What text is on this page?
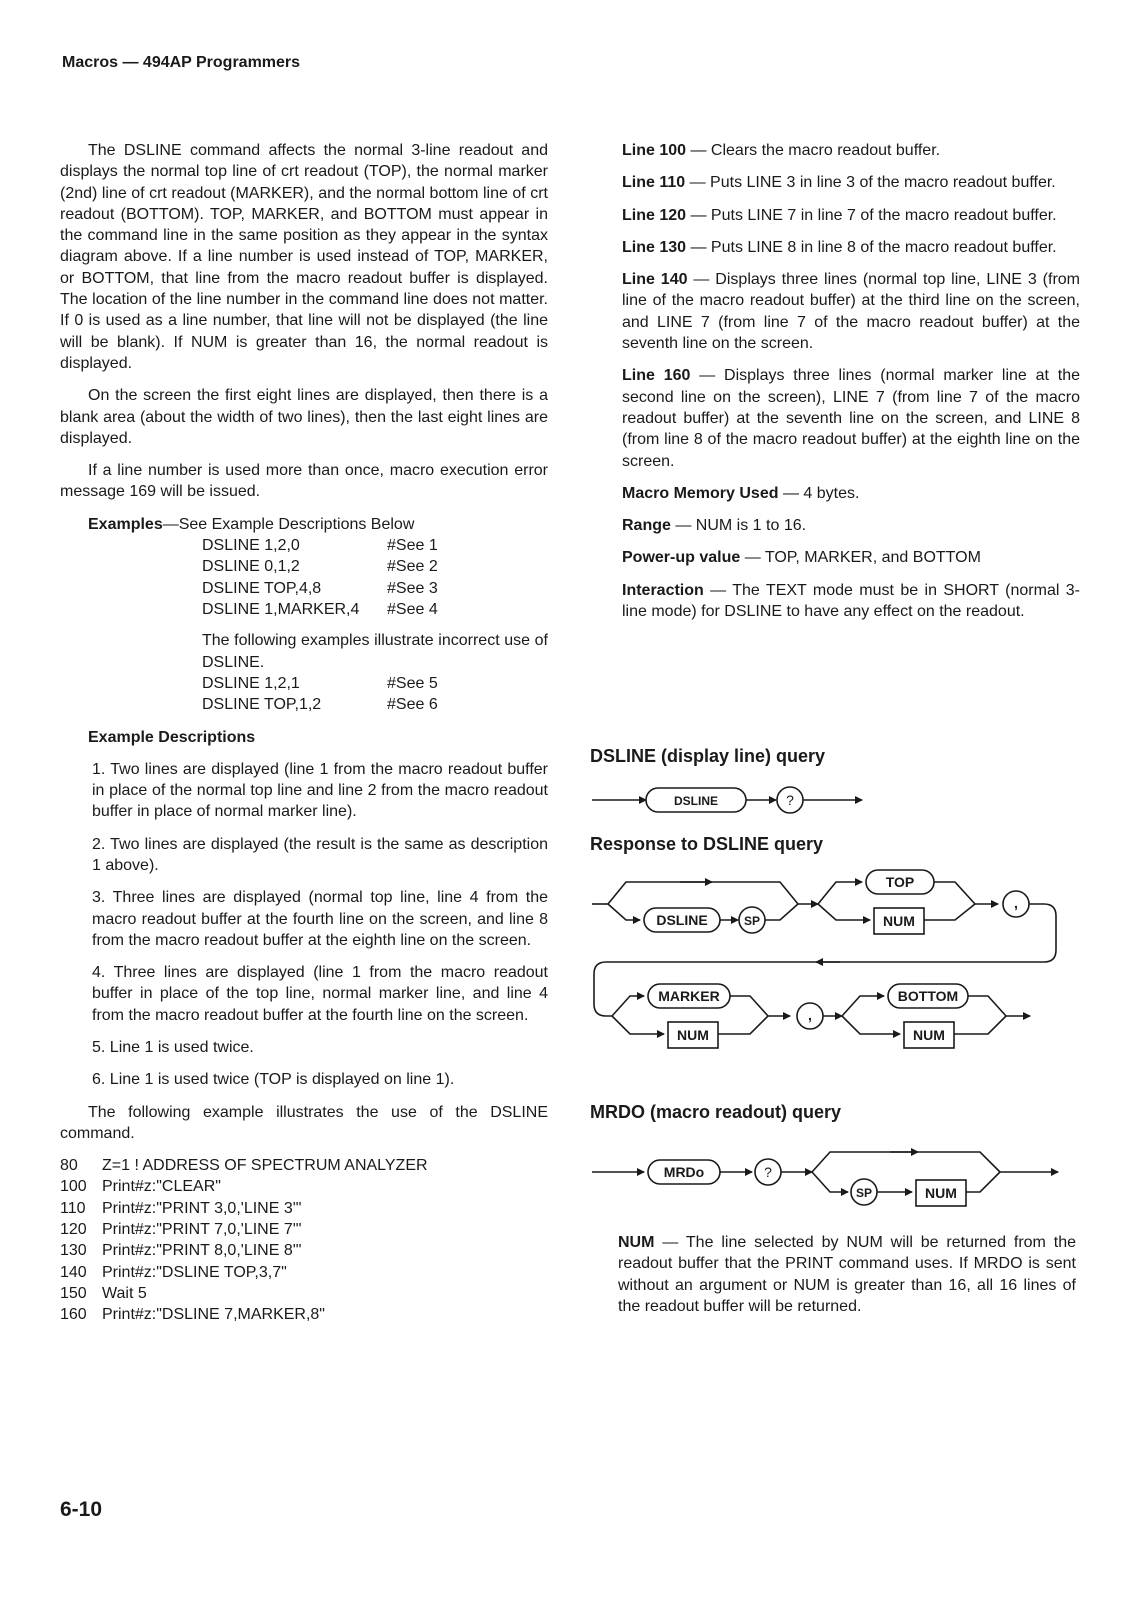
Macros — 494AP Programmers

The DSLINE command affects the normal 3-line readout and displays the normal top line of crt readout (TOP), the normal marker (2nd) line of crt readout (MARKER), and the normal bottom line of crt readout (BOTTOM). TOP, MARKER, and BOTTOM must appear in the command line in the same position as they appear in the syntax diagram above. If a line number is used instead of TOP, MARKER, or BOTTOM, that line from the macro readout buffer is displayed. The location of the line number in the command line does not matter. If 0 is used as a line number, that line will not be displayed (the line will be blank). If NUM is greater than 16, the normal readout is displayed.

On the screen the first eight lines are displayed, then there is a blank area (about the width of two lines), then the last eight lines are displayed.

If a line number is used more than once, macro execution error message 169 will be issued.

Examples—See Example Descriptions Below
DSLINE 1,2,0	#See 1
DSLINE 0,1,2	#See 2
DSLINE TOP,4,8	#See 3
DSLINE 1,MARKER,4	#See 4
The following examples illustrate incorrect use of DSLINE.
DSLINE 1,2,1	#See 5
DSLINE TOP,1,2	#See 6
Example Descriptions

1. Two lines are displayed (line 1 from the macro readout buffer in place of the normal top line and line 2 from the macro readout buffer in place of normal marker line).

2. Two lines are displayed (the result is the same as description 1 above).

3. Three lines are displayed (normal top line, line 4 from the macro readout buffer at the fourth line on the screen, and line 8 from the macro readout buffer at the eighth line on the screen.

4. Three lines are displayed (line 1 from the macro readout buffer in place of the top line, normal marker line, and line 4 from the macro readout buffer at the fourth line on the screen.

5. Line 1 is used twice.

6. Line 1 is used twice (TOP is displayed on line 1).

The following example illustrates the use of the DSLINE command.

80	Z=1 ! ADDRESS OF SPECTRUM ANALYZER
100 Print#z:"CLEAR"
110	Print#z:"PRINT 3,0,'LINE 3'"
120 Print#z:"PRINT 7,0,'LINE 7'"
130 Print#z:"PRINT 8,0,'LINE 8'"
140 Print#z:"DSLINE TOP,3,7"
150 Wait 5
160 Print#z:"DSLINE 7,MARKER,8"

Line 100 — Clears the macro readout buffer.

Line 110 — Puts LINE 3 in line 3 of the macro readout buffer.

Line 120 — Puts LINE 7 in line 7 of the macro readout buffer.

Line 130 — Puts LINE 8 in line 8 of the macro readout buffer.

Line 140 — Displays three lines (normal top line, LINE 3 (from line of the macro readout buffer) at the third line on the screen, and LINE 7 (from line 7 of the macro readout buffer) at the seventh line on the screen.

Line 160 — Displays three lines (normal marker line at the second line on the screen), LINE 7 (from line 7 of the macro readout buffer) at the seventh line on the screen, and LINE 8 (from line 8 of the macro readout buffer) at the eighth line on the screen.

Macro Memory Used — 4 bytes.

Range — NUM is 1 to 16.

Power-up value — TOP, MARKER, and BOTTOM

Interaction — The TEXT mode must be in SHORT (normal 3-line mode) for DSLINE to have any effect on the readout.

DSLINE (display line) query
Response to DSLINE query
MRDO (macro readout) query
DSLINE	?
DSLINE	SP
TOP
NUM
,
MARKER
NUM
,
BOTTOM
NUM
MRDo	?
SP	NUM

NUM — The line selected by NUM will be returned from the readout buffer that the PRINT command uses. If MRDO is sent without an argument or NUM is greater than 16, all 16 lines of the readout buffer will be returned.

6-10
